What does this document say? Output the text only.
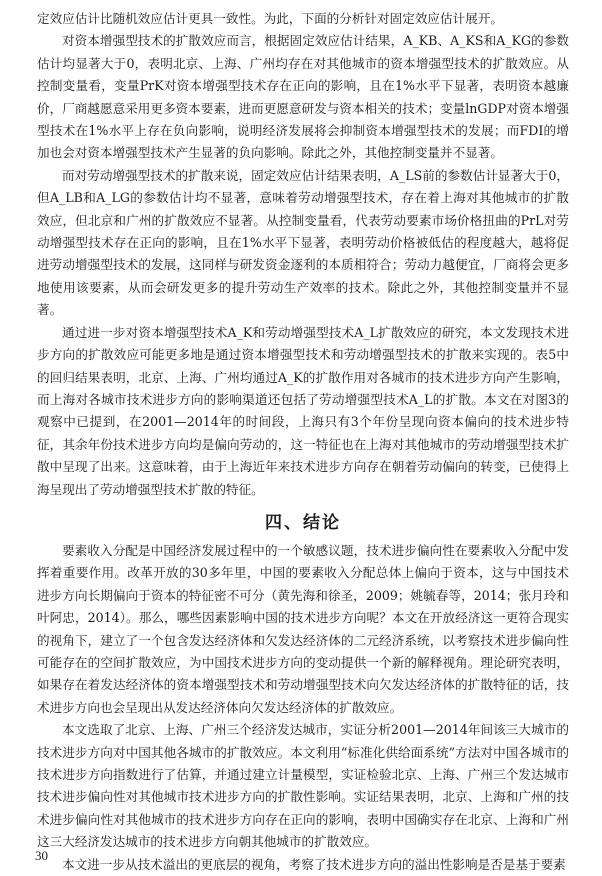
定效应估计比随机效应估计更具一致性。为此，下面的分析针对固定效应估计展开。

对资本增强型技术的扩散效应而言，根据固定效应估计结果，A_KB、A_KS和A_KG的参数估计均显著大于0，表明北京、上海、广州均存在对其他城市的资本增强型技术的扩散效应。从控制变量看，变量PrK对资本增强型技术存在正向的影响，且在1%水平下显著，表明资本越廉价，厂商越愿意采用更多资本要素，进而更愿意研发与资本相关的技术；变量lnGDP对资本增强型技术在1%水平上存在负向影响，说明经济发展将会抑制资本增强型技术的发展；而FDI的增加也会对资本增强型技术产生显著的负向影响。除此之外，其他控制变量并不显著。

而对劳动增强型技术的扩散来说，固定效应估计结果表明，A_LS前的参数估计显著大于0，但A_LB和A_LG的参数估计均不显著，意味着劳动增强型技术，存在着上海对其他城市的扩散效应，但北京和广州的扩散效应不显著。从控制变量看，代表劳动要素市场价格扭曲的PrL对劳动增强型技术存在正向的影响，且在1%水平下显著，表明劳动价格被低估的程度越大，越将促进劳动增强型技术的发展，这同样与研发资金逐利的本质相符合；劳动力越便宜，厂商将会更多地使用该要素，从而会研发更多的提升劳动生产效率的技术。除此之外，其他控制变量并不显著。

通过进一步对资本增强型技术A_K和劳动增强型技术A_L扩散效应的研究，本文发现技术进步方向的扩散效应可能更多地是通过资本增强型技术和劳动增强型技术的扩散来实现的。表5中的回归结果表明，北京、上海、广州均通过A_K的扩散作用对各城市的技术进步方向产生影响，而上海对各城市技术进步方向的影响渠道还包括了劳动增强型技术A_L的扩散。本文在对图3的观察中已提到，在2001—2014年的时间段，上海只有3个年份呈现向资本偏向的技术进步特征，其余年份技术进步方向均是偏向劳动的，这一特征也在上海对其他城市的劳动增强型技术扩散中呈现了出来。这意味着，由于上海近年来技术进步方向存在朝着劳动偏向的转变，已使得上海呈现出了劳动增强型技术扩散的特征。

四、结论

要素收入分配是中国经济发展过程中的一个敏感议题，技术进步偏向性在要素收入分配中发挥着重要作用。改革开放的30多年里，中国的要素收入分配总体上偏向于资本，这与中国技术进步方向长期偏向于资本的特征密不可分（黄先海和徐圣，2009；姚毓春等，2014；张月玲和叶阿忠，2014）。那么，哪些因素影响中国的技术进步方向呢？本文在开放经济这一更符合现实的视角下，建立了一个包含发达经济体和欠发达经济体的二元经济系统，以考察技术进步偏向性可能存在的空间扩散效应，为中国技术进步方向的变动提供一个新的解释视角。理论研究表明，如果存在着发达经济体的资本增强型技术和劳动增强型技术向欠发达经济体的扩散特征的话，技术进步方向也会呈现出从发达经济体向欠发达经济体的扩散效应。

本文选取了北京、上海、广州三个经济发达城市，实证分析2001—2014年间该三大城市的技术进步方向对中国其他各城市的扩散效应。本文利用“标准化供给面系统”方法对中国各城市的技术进步方向指数进行了估算，并通过建立计量模型，实证检验北京、上海、广州三个发达城市技术进步偏向性对其他城市技术进步方向的扩散性影响。实证结果表明，北京、上海和广州的技术进步偏向性对其他城市的技术进步方向存在正向的影响，表明中国确实存在北京、上海和广州这三大经济发达城市的技术进步方向朝其他城市的扩散效应。

本文进一步从技术溢出的更底层的视角，考察了技术进步方向的溢出性影响是否是基于要素

30
